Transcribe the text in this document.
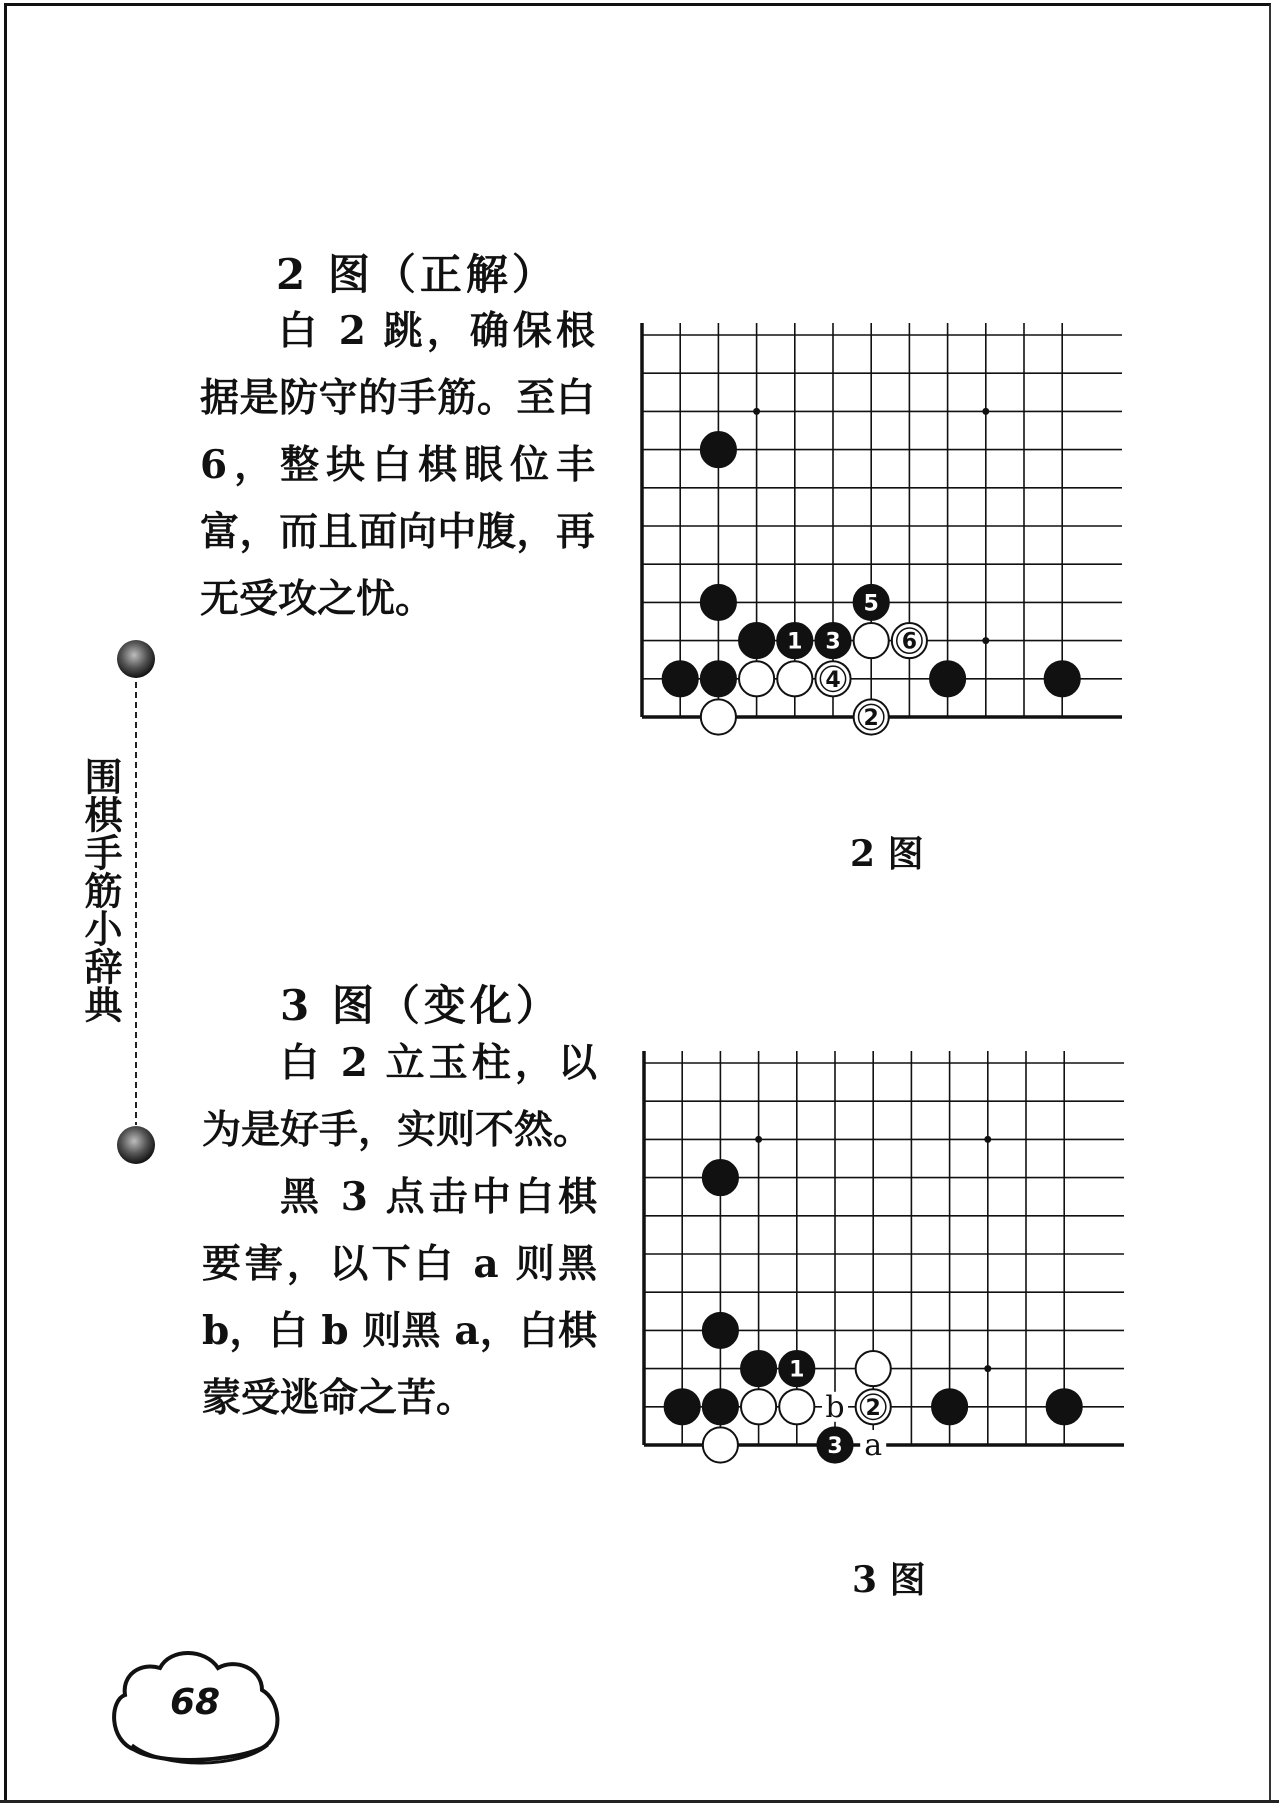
2 图（正解）

白 2 跳，确保根据是防守的手筋。至白 6，整块白棋眼位丰富，而且面向中腹，再无受攻之忧。

2 图
3 图（变化）

白 2 立玉柱，以为是好手，实则不然。

黑 3 点击中白棋要害，以下白 a 则黑 b，白 b 则黑 a，白棋蒙受逃命之苦。

3 图
围棋手筋小辞典
68
1 3	6
5
4
2
1
2
3
b
a
